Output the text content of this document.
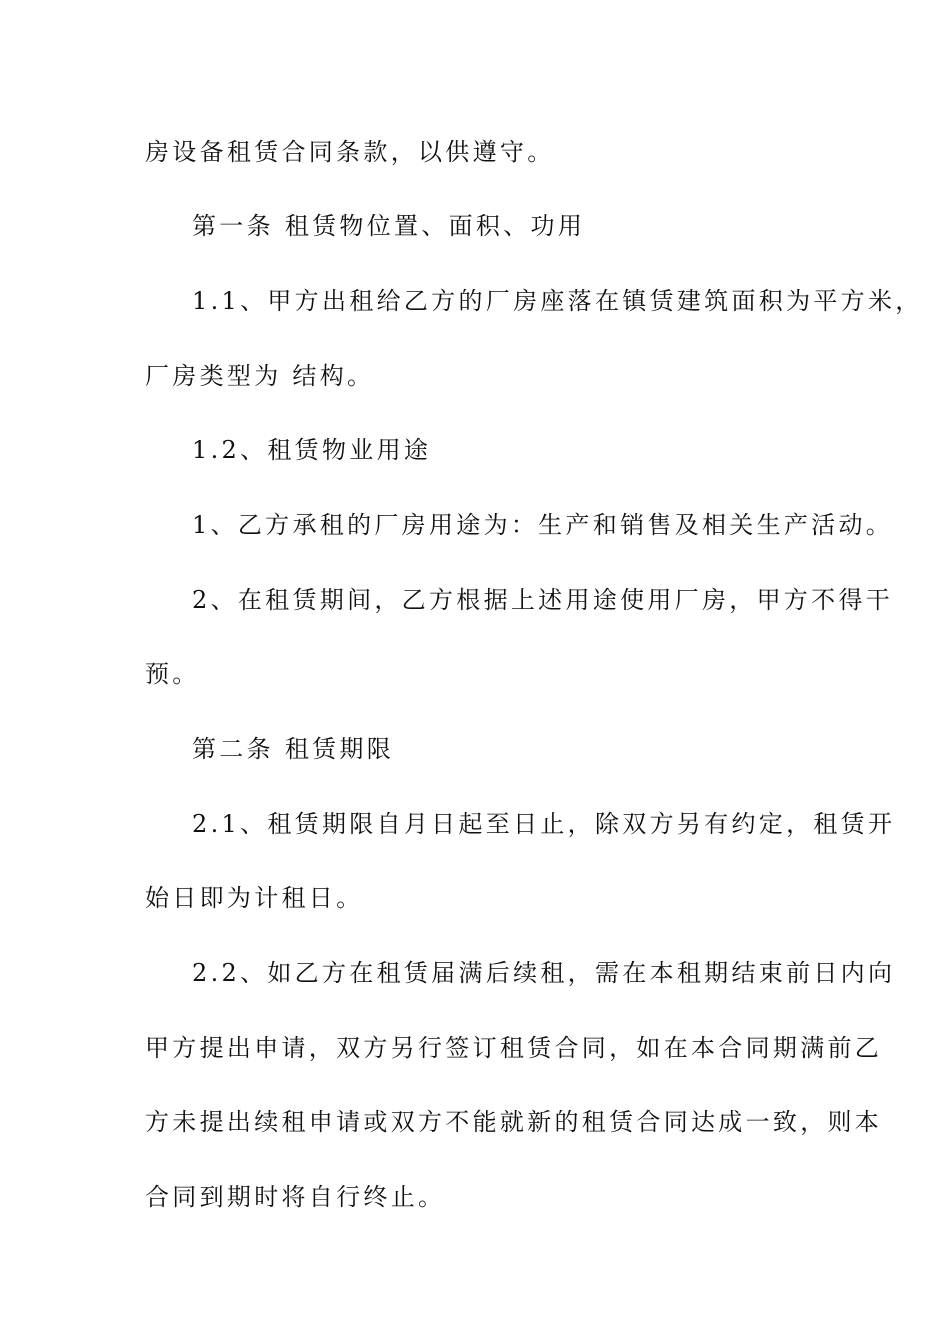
房设备租赁合同条款，以供遵守。
第一条 租赁物位置、面积、功用
1.1、甲方出租给乙方的厂房座落在镇赁建筑面积为平方米，
厂房类型为 结构。
1.2、租赁物业用途
1、乙方承租的厂房用途为：生产和销售及相关生产活动。
2、在租赁期间，乙方根据上述用途使用厂房，甲方不得干
预。
第二条 租赁期限
2.1、租赁期限自月日起至日止，除双方另有约定，租赁开
始日即为计租日。
2.2、如乙方在租赁届满后续租，需在本租期结束前日内向
甲方提出申请，双方另行签订租赁合同，如在本合同期满前乙
方未提出续租申请或双方不能就新的租赁合同达成一致，则本
合同到期时将自行终止。
